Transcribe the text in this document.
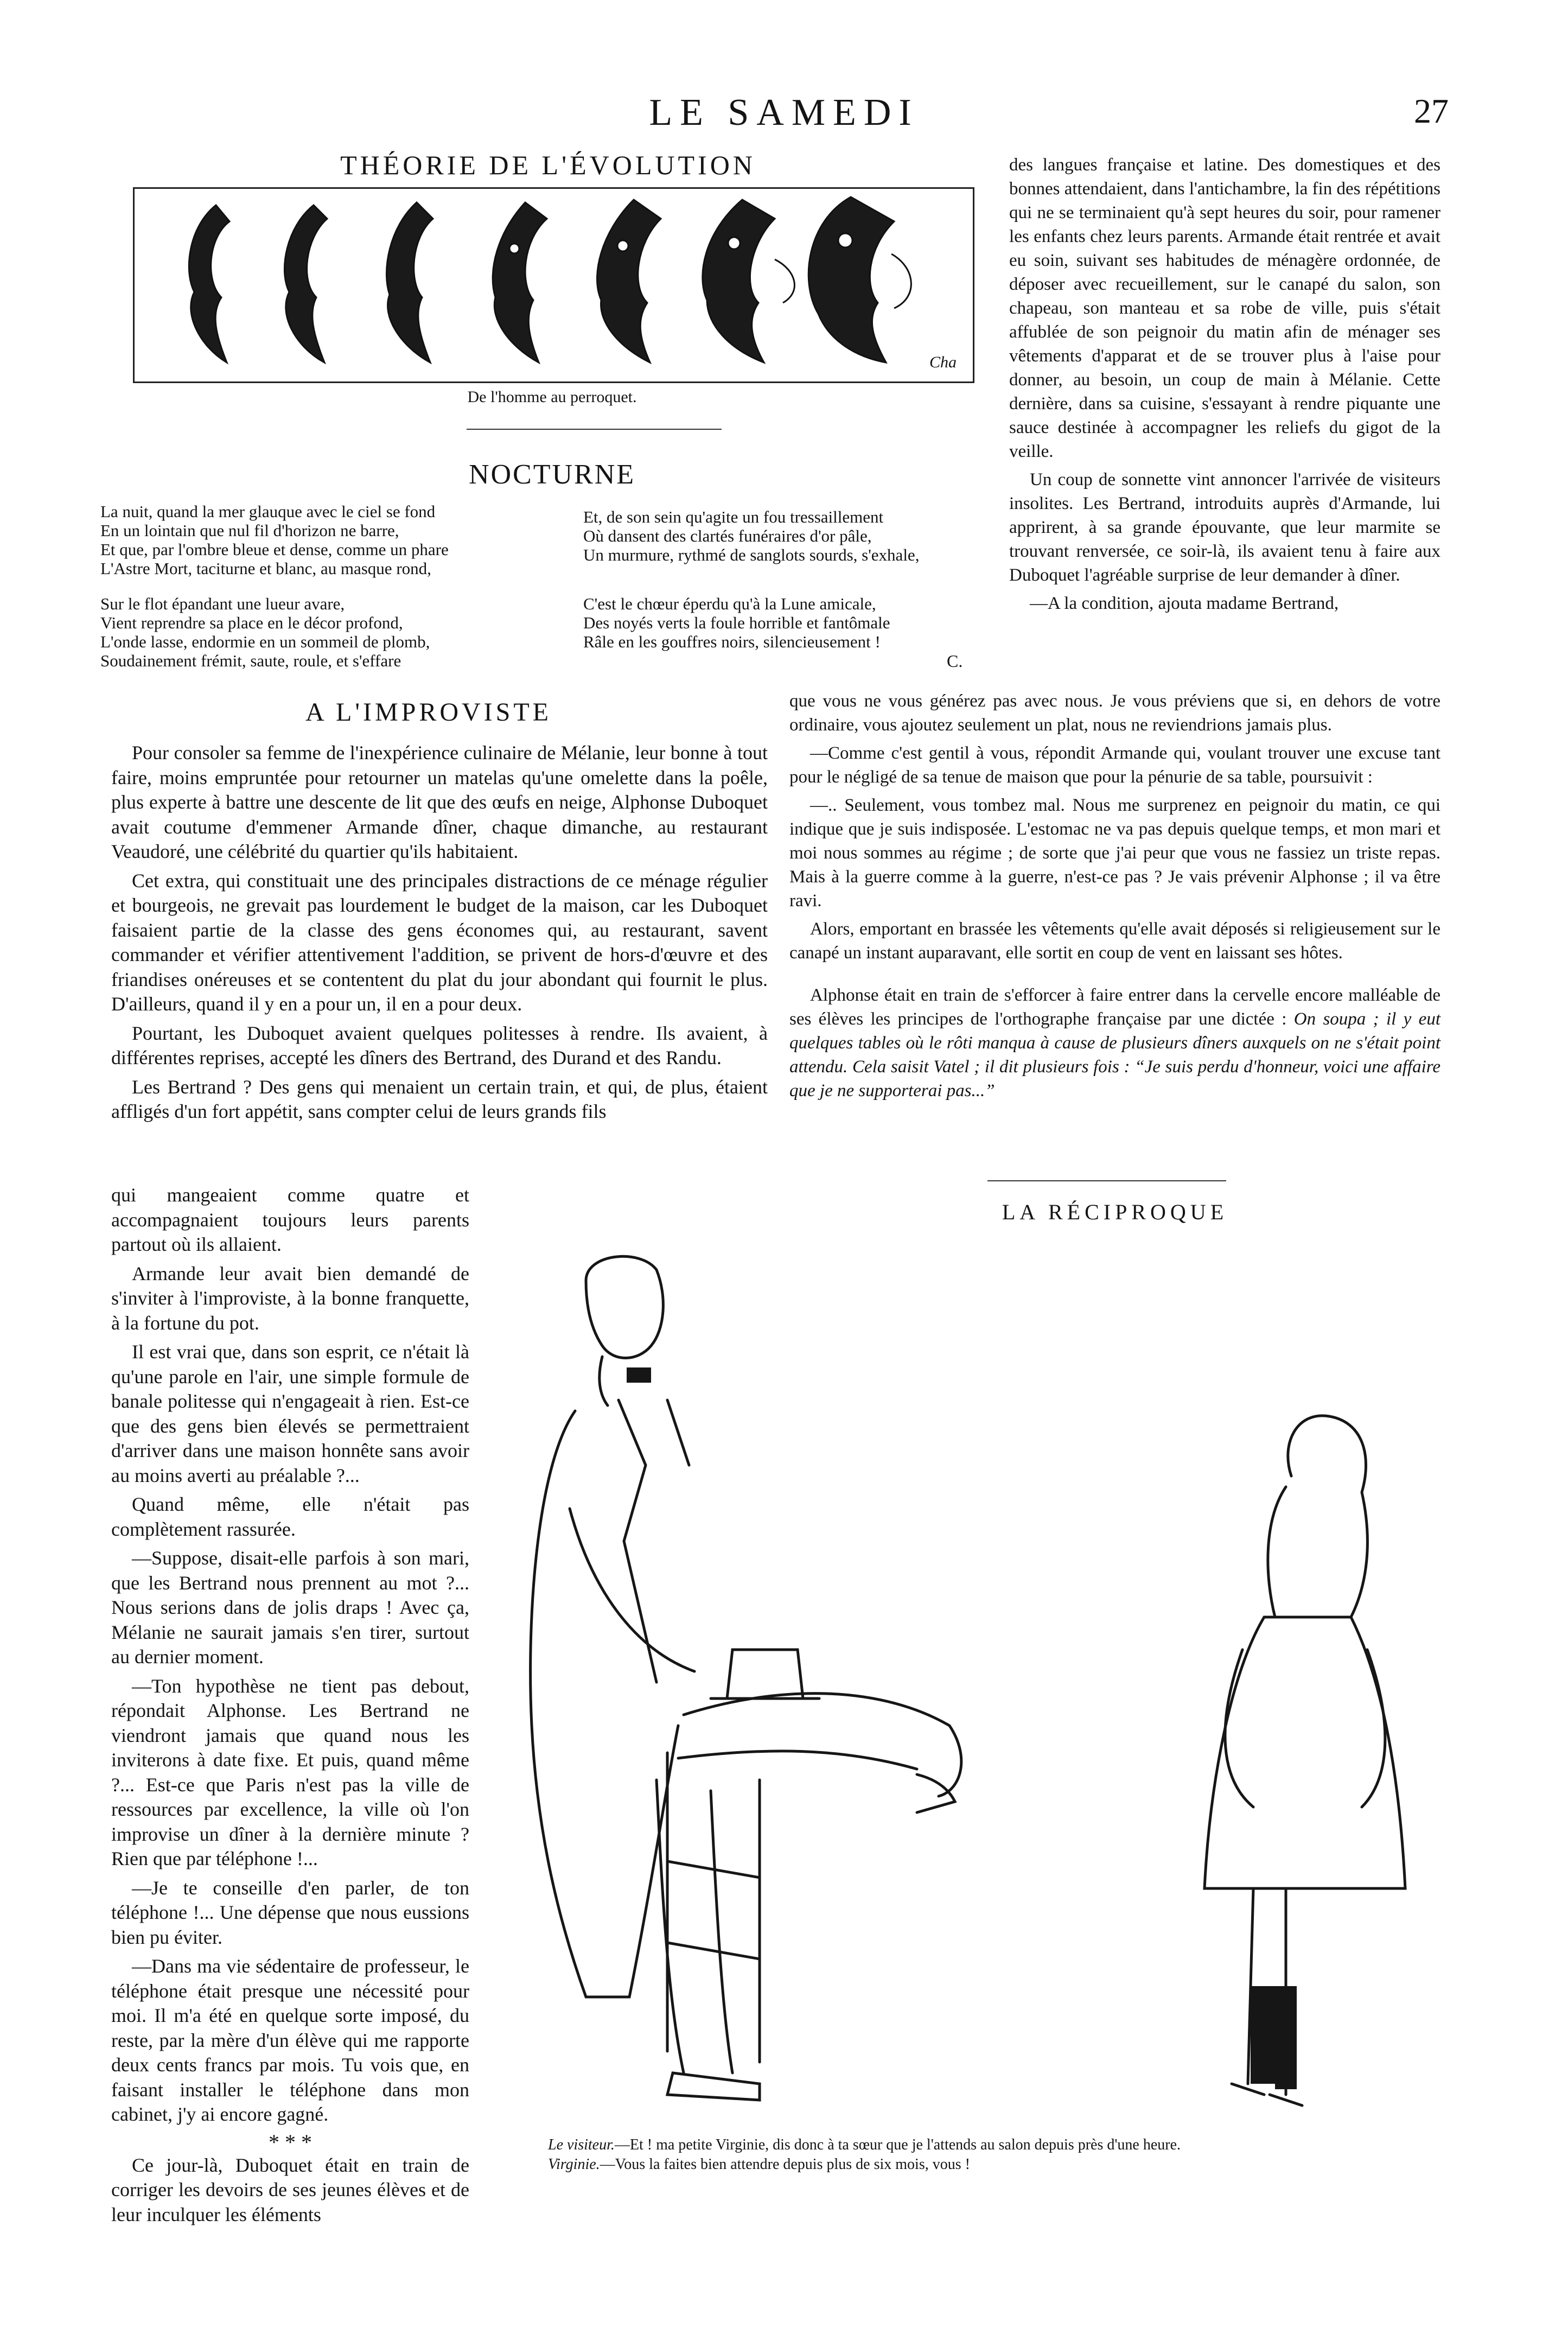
LE SAMEDI	27
THÉORIE DE L'ÉVOLUTION
Cha
De l'homme au perroquet.
NOCTURNE
La nuit, quand la mer glauque avec le ciel se fond
En un lointain que nul fil d'horizon ne barre,
Et que, par l'ombre bleue et dense, comme un phare
L'Astre Mort, taciturne et blanc, au masque rond,
Sur le flot épandant une lueur avare,
Vient reprendre sa place en le décor profond,
L'onde lasse, endormie en un sommeil de plomb,
Soudainement frémit, saute, roule, et s'effare
Et, de son sein qu'agite un fou tressaillement
Où dansent des clartés funéraires d'or pâle,
Un murmure, rythmé de sanglots sourds, s'exhale,
C'est le chœur éperdu qu'à la Lune amicale,
Des noyés verts la foule horrible et fantômale
Râle en les gouffres noirs, silencieusement !
C.
A L'IMPROVISTE

Pour consoler sa femme de l'inexpérience culinaire de Mélanie, leur bonne à tout faire, moins empruntée pour retourner un matelas qu'une omelette dans la poêle, plus experte à battre une descente de lit que des œufs en neige, Alphonse Duboquet avait coutume d'emmener Armande dîner, chaque dimanche, au restaurant Veaudoré, une célébrité du quartier qu'ils habitaient.

Cet extra, qui constituait une des principales distractions de ce ménage régulier et bourgeois, ne grevait pas lourdement le budget de la maison, car les Duboquet faisaient partie de la classe des gens économes qui, au restaurant, savent commander et vérifier attentivement l'addition, se privent de hors-d'œuvre et des friandises onéreuses et se contentent du plat du jour abondant qui fournit le plus. D'ailleurs, quand il y en a pour un, il en a pour deux.

Pourtant, les Duboquet avaient quelques politesses à rendre. Ils avaient, à différentes reprises, accepté les dîners des Bertrand, des Durand et des Randu.

Les Bertrand ? Des gens qui menaient un certain train, et qui, de plus, étaient affligés d'un fort appétit, sans compter celui de leurs grands fils

qui mangeaient comme quatre et accompagnaient toujours leurs parents partout où ils allaient.

Armande leur avait bien demandé de s'inviter à l'improviste, à la bonne franquette, à la fortune du pot.

Il est vrai que, dans son esprit, ce n'était là qu'une parole en l'air, une simple formule de banale politesse qui n'engageait à rien. Est-ce que des gens bien élevés se permettraient d'arriver dans une maison honnête sans avoir au moins averti au préalable ?...

Quand même, elle n'était pas complètement rassurée.

—Suppose, disait-elle parfois à son mari, que les Bertrand nous prennent au mot ?... Nous serions dans de jolis draps ! Avec ça, Mélanie ne saurait jamais s'en tirer, surtout au dernier moment.

—Ton hypothèse ne tient pas debout, répondait Alphonse. Les Bertrand ne viendront jamais que quand nous les inviterons à date fixe. Et puis, quand même ?... Est-ce que Paris n'est pas la ville de ressources par excellence, la ville où l'on improvise un dîner à la dernière minute ? Rien que par téléphone !...

—Je te conseille d'en parler, de ton téléphone !... Une dépense que nous eussions bien pu éviter.

—Dans ma vie sédentaire de professeur, le téléphone était presque une nécessité pour moi. Il m'a été en quelque sorte imposé, du reste, par la mère d'un élève qui me rapporte deux cents francs par mois. Tu vois que, en faisant installer le téléphone dans mon cabinet, j'y ai encore gagné.

* * *

Ce jour-là, Duboquet était en train de corriger les devoirs de ses jeunes élèves et de leur inculquer les éléments

des langues française et latine. Des domestiques et des bonnes attendaient, dans l'antichambre, la fin des répétitions qui ne se terminaient qu'à sept heures du soir, pour ramener les enfants chez leurs parents. Armande était rentrée et avait eu soin, suivant ses habitudes de ménagère ordonnée, de déposer avec recueillement, sur le canapé du salon, son chapeau, son manteau et sa robe de ville, puis s'était affublée de son peignoir du matin afin de ménager ses vêtements d'apparat et de se trouver plus à l'aise pour donner, au besoin, un coup de main à Mélanie. Cette dernière, dans sa cuisine, s'essayant à rendre piquante une sauce destinée à accompagner les reliefs du gigot de la veille.

Un coup de sonnette vint annoncer l'arrivée de visiteurs insolites. Les Bertrand, introduits auprès d'Armande, lui apprirent, à sa grande épouvante, que leur marmite se trouvant renversée, ce soir-là, ils avaient tenu à faire aux Duboquet l'agréable surprise de leur demander à dîner.

—A la condition, ajouta madame Bertrand,

que vous ne vous générez pas avec nous. Je vous préviens que si, en dehors de votre ordinaire, vous ajoutez seulement un plat, nous ne reviendrions jamais plus.

—Comme c'est gentil à vous, répondit Armande qui, voulant trouver une excuse tant pour le négligé de sa tenue de maison que pour la pénurie de sa table, poursuivit :

—.. Seulement, vous tombez mal. Nous me surprenez en peignoir du matin, ce qui indique que je suis indisposée. L'estomac ne va pas depuis quelque temps, et mon mari et moi nous sommes au régime ; de sorte que j'ai peur que vous ne fassiez un triste repas. Mais à la guerre comme à la guerre, n'est-ce pas ? Je vais prévenir Alphonse ; il va être ravi.

Alors, emportant en brassée les vêtements qu'elle avait déposés si religieusement sur le canapé un instant auparavant, elle sortit en coup de vent en laissant ses hôtes.

Alphonse était en train de s'efforcer à faire entrer dans la cervelle encore malléable de ses élèves les principes de l'orthographe française par une dictée : On soupa ; il y eut quelques tables où le rôti manqua à cause de plusieurs dîners auxquels on ne s'était point attendu. Cela saisit Vatel ; il dit plusieurs fois : “Je suis perdu d'honneur, voici une affaire que je ne supporterai pas...”

LA RÉCIPROQUE
Le visiteur.—Et ! ma petite Virginie, dis donc à ta sœur que je l'attends au salon depuis près d'une heure.
Virginie.—Vous la faites bien attendre depuis plus de six mois, vous !
